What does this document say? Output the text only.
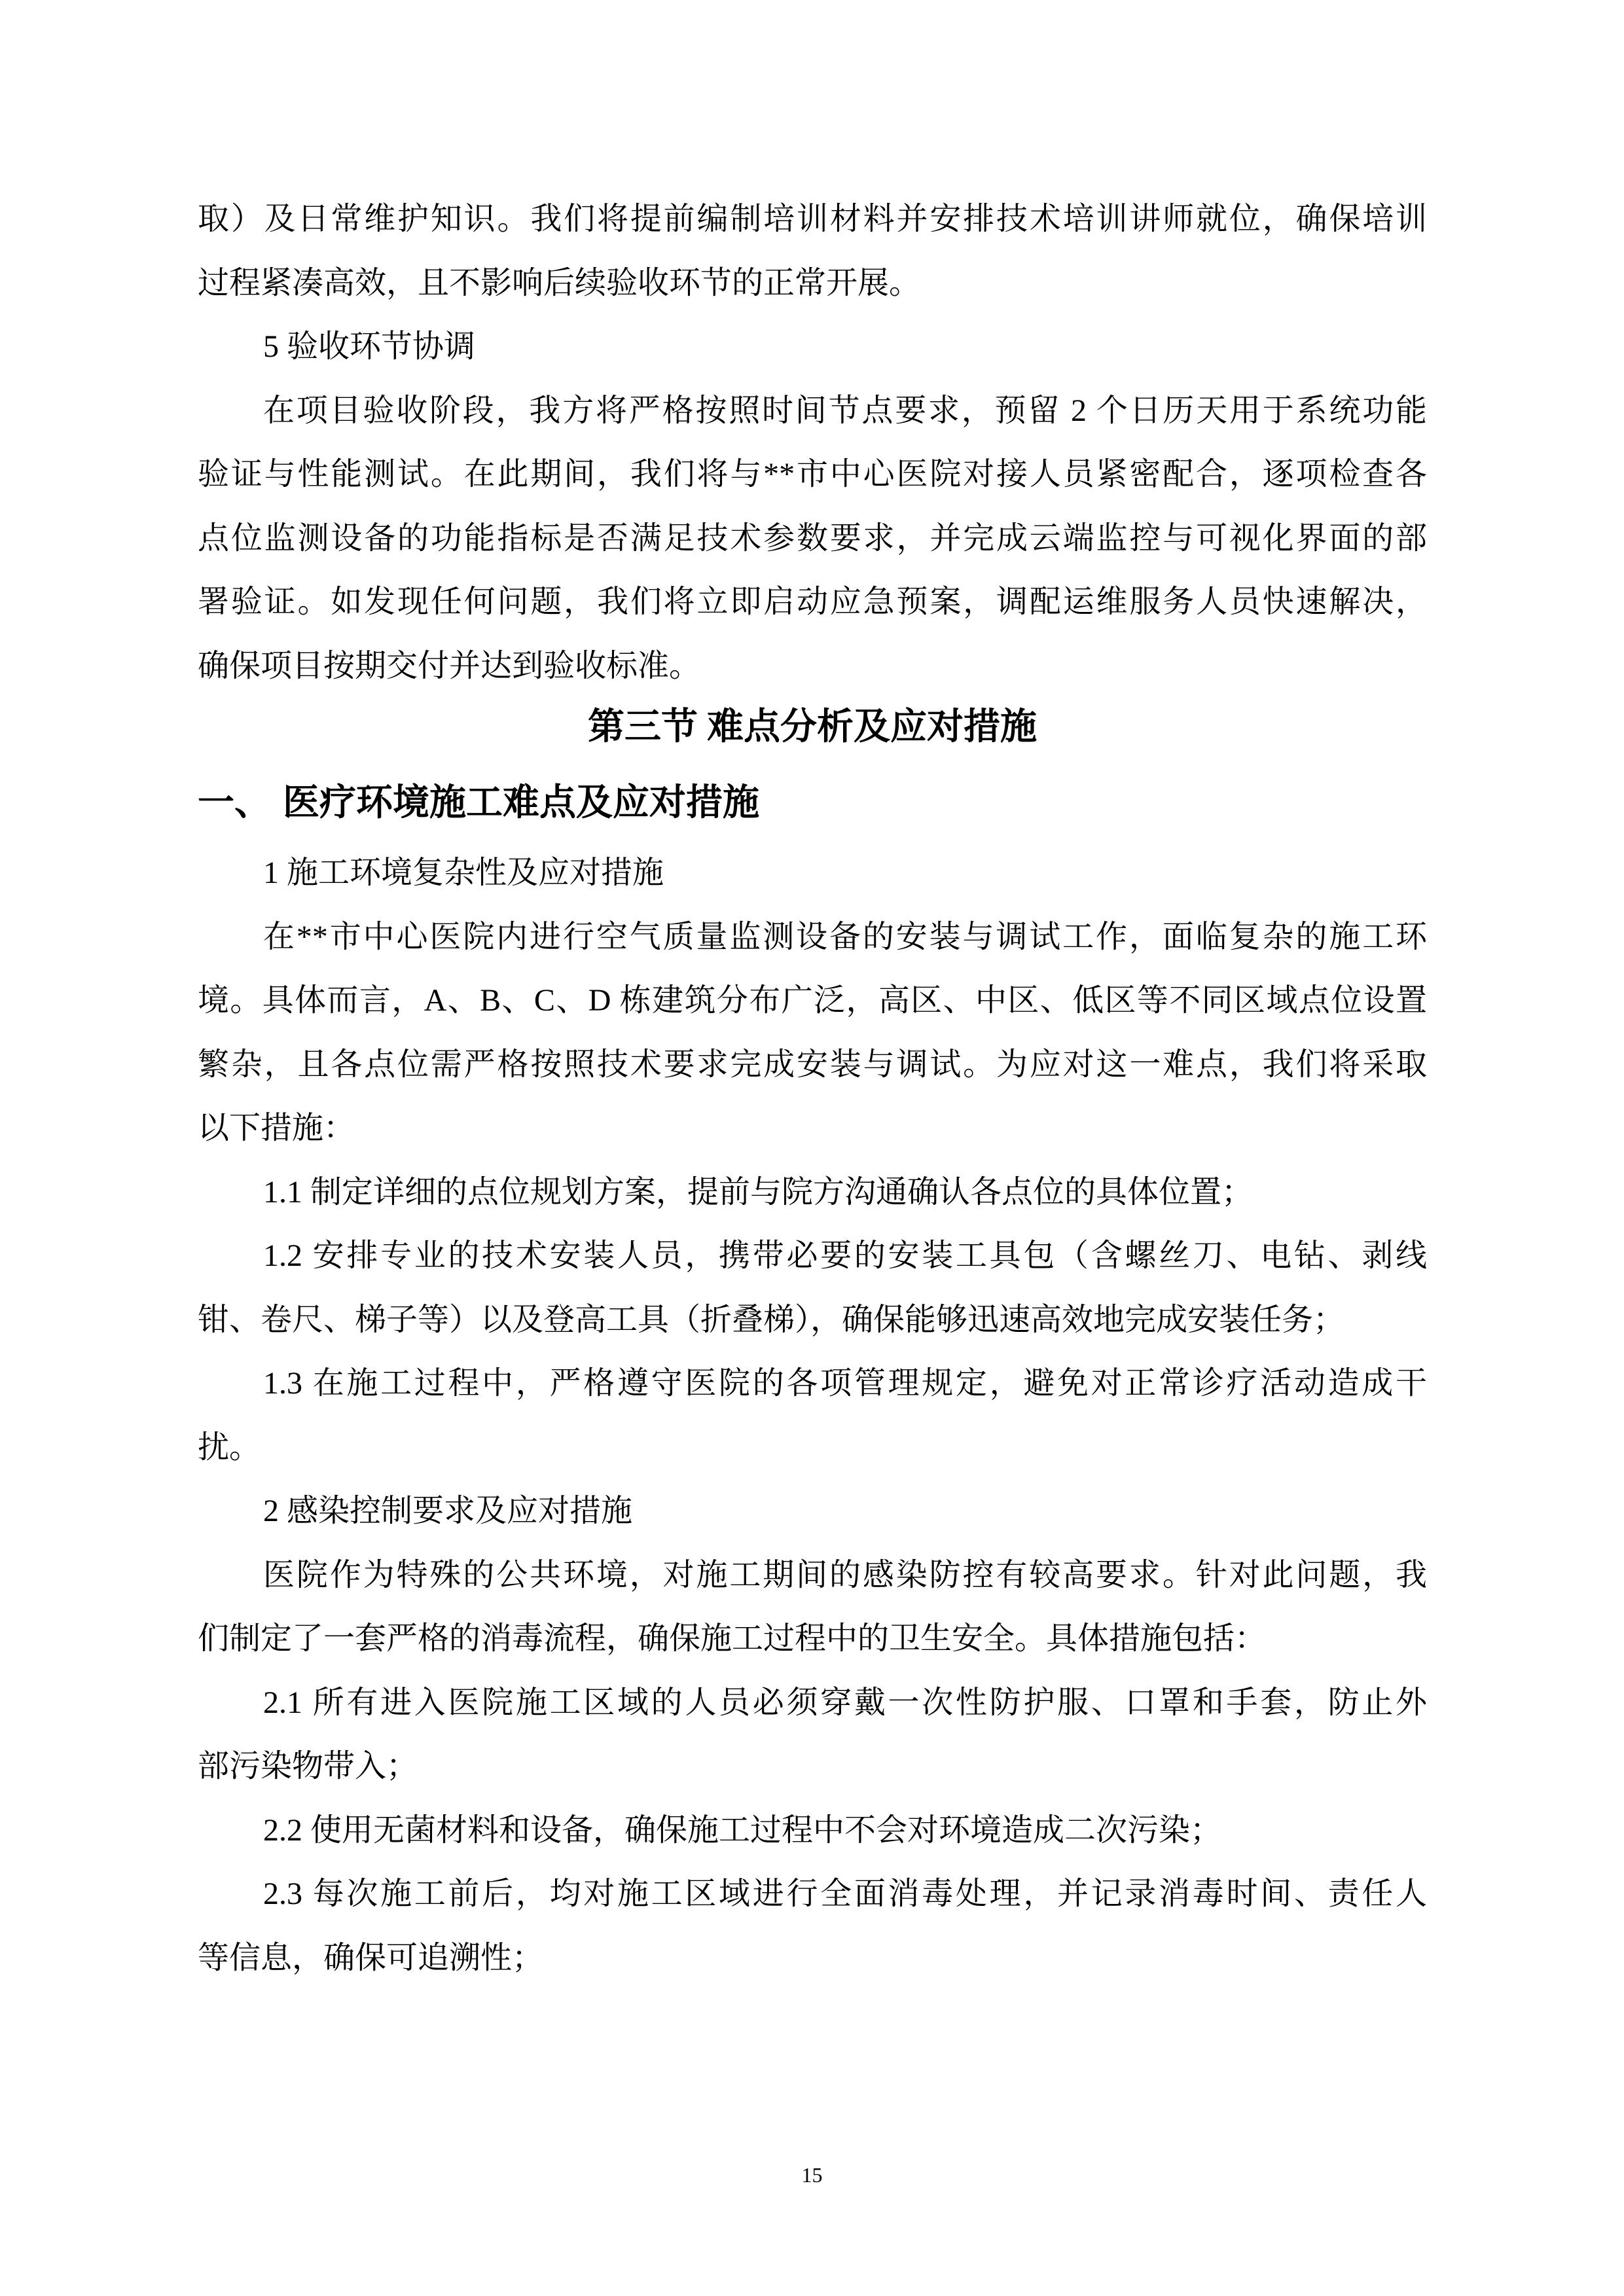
取）及日常维护知识。我们将提前编制培训材料并安排技术培训讲师就位，确保培训
过程紧凑高效，且不影响后续验收环节的正常开展。
5 验收环节协调
在项目验收阶段，我方将严格按照时间节点要求，预留 2 个日历天用于系统功能
验证与性能测试。在此期间，我们将与**市中心医院对接人员紧密配合，逐项检查各
点位监测设备的功能指标是否满足技术参数要求，并完成云端监控与可视化界面的部
署验证。如发现任何问题，我们将立即启动应急预案，调配运维服务人员快速解决，
确保项目按期交付并达到验收标准。
第三节 难点分析及应对措施
一、 医疗环境施工难点及应对措施
1 施工环境复杂性及应对措施
在**市中心医院内进行空气质量监测设备的安装与调试工作，面临复杂的施工环
境。具体而言，A、B、C、D 栋建筑分布广泛，高区、中区、低区等不同区域点位设置
繁杂，且各点位需严格按照技术要求完成安装与调试。为应对这一难点，我们将采取
以下措施：
1.1 制定详细的点位规划方案，提前与院方沟通确认各点位的具体位置；
1.2 安排专业的技术安装人员，携带必要的安装工具包（含螺丝刀、电钻、剥线
钳、卷尺、梯子等）以及登高工具（折叠梯），确保能够迅速高效地完成安装任务；
1.3 在施工过程中，严格遵守医院的各项管理规定，避免对正常诊疗活动造成干
扰。
2 感染控制要求及应对措施
医院作为特殊的公共环境，对施工期间的感染防控有较高要求。针对此问题，我
们制定了一套严格的消毒流程，确保施工过程中的卫生安全。具体措施包括：
2.1 所有进入医院施工区域的人员必须穿戴一次性防护服、口罩和手套，防止外
部污染物带入；
2.2 使用无菌材料和设备，确保施工过程中不会对环境造成二次污染；
2.3 每次施工前后，均对施工区域进行全面消毒处理，并记录消毒时间、责任人
等信息，确保可追溯性；
15
